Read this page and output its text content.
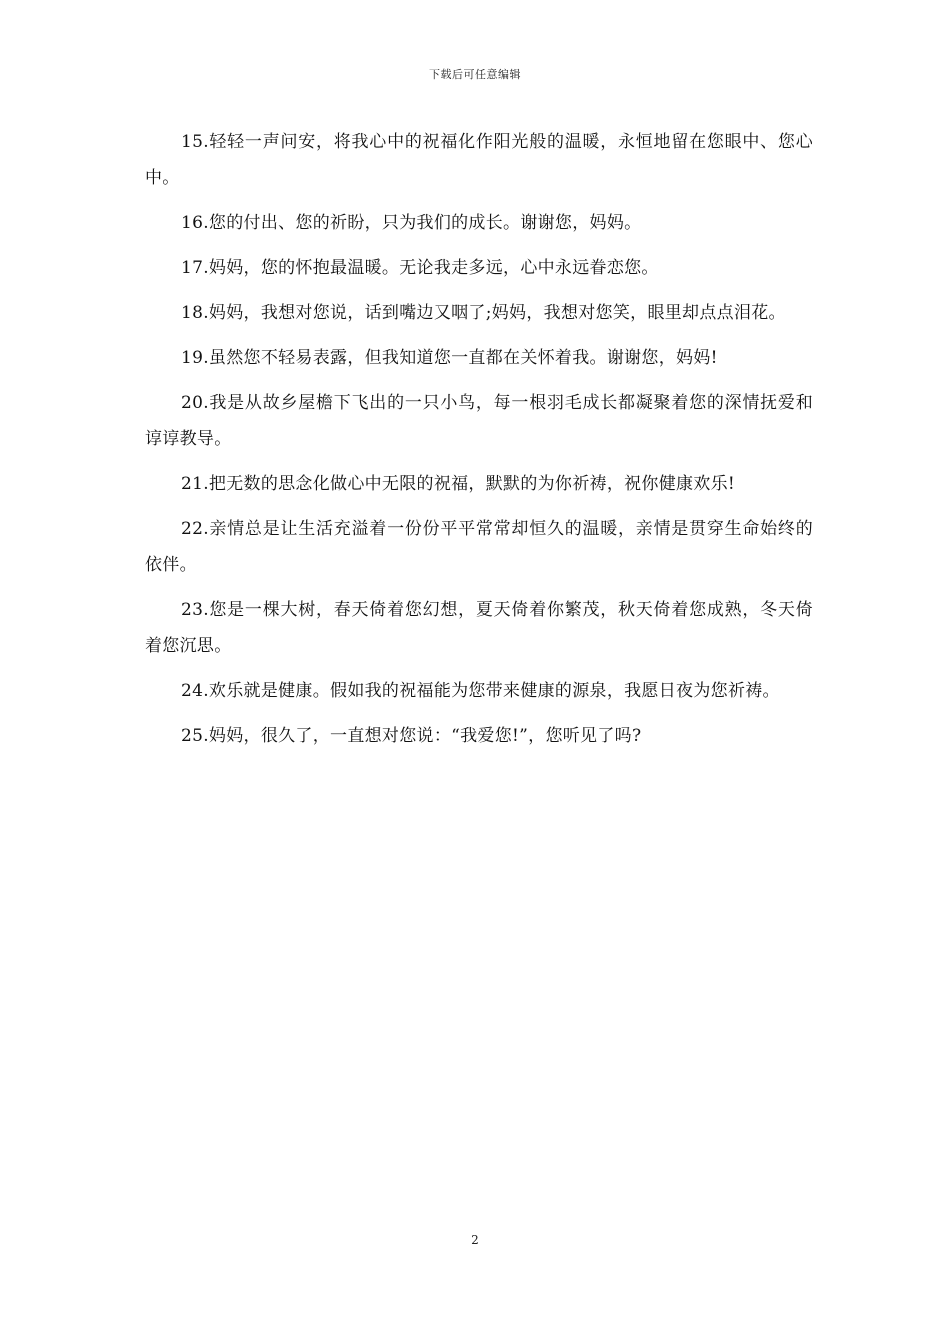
下载后可任意编辑

15.轻轻一声问安，将我心中的祝福化作阳光般的温暖，永恒地留在您眼中、您心中。

16.您的付出、您的祈盼，只为我们的成长。谢谢您，妈妈。

17.妈妈，您的怀抱最温暖。无论我走多远，心中永远眷恋您。

18.妈妈，我想对您说，话到嘴边又咽了;妈妈，我想对您笑，眼里却点点泪花。

19.虽然您不轻易表露，但我知道您一直都在关怀着我。谢谢您，妈妈!

20.我是从故乡屋檐下飞出的一只小鸟，每一根羽毛成长都凝聚着您的深情抚爱和谆谆教导。

21.把无数的思念化做心中无限的祝福，默默的为你祈祷，祝你健康欢乐!

22.亲情总是让生活充溢着一份份平平常常却恒久的温暖，亲情是贯穿生命始终的依伴。

23.您是一棵大树，春天倚着您幻想，夏天倚着你繁茂，秋天倚着您成熟，冬天倚着您沉思。

24.欢乐就是健康。假如我的祝福能为您带来健康的源泉，我愿日夜为您祈祷。

25.妈妈，很久了，一直想对您说：“我爱您!”，您听见了吗?

2
